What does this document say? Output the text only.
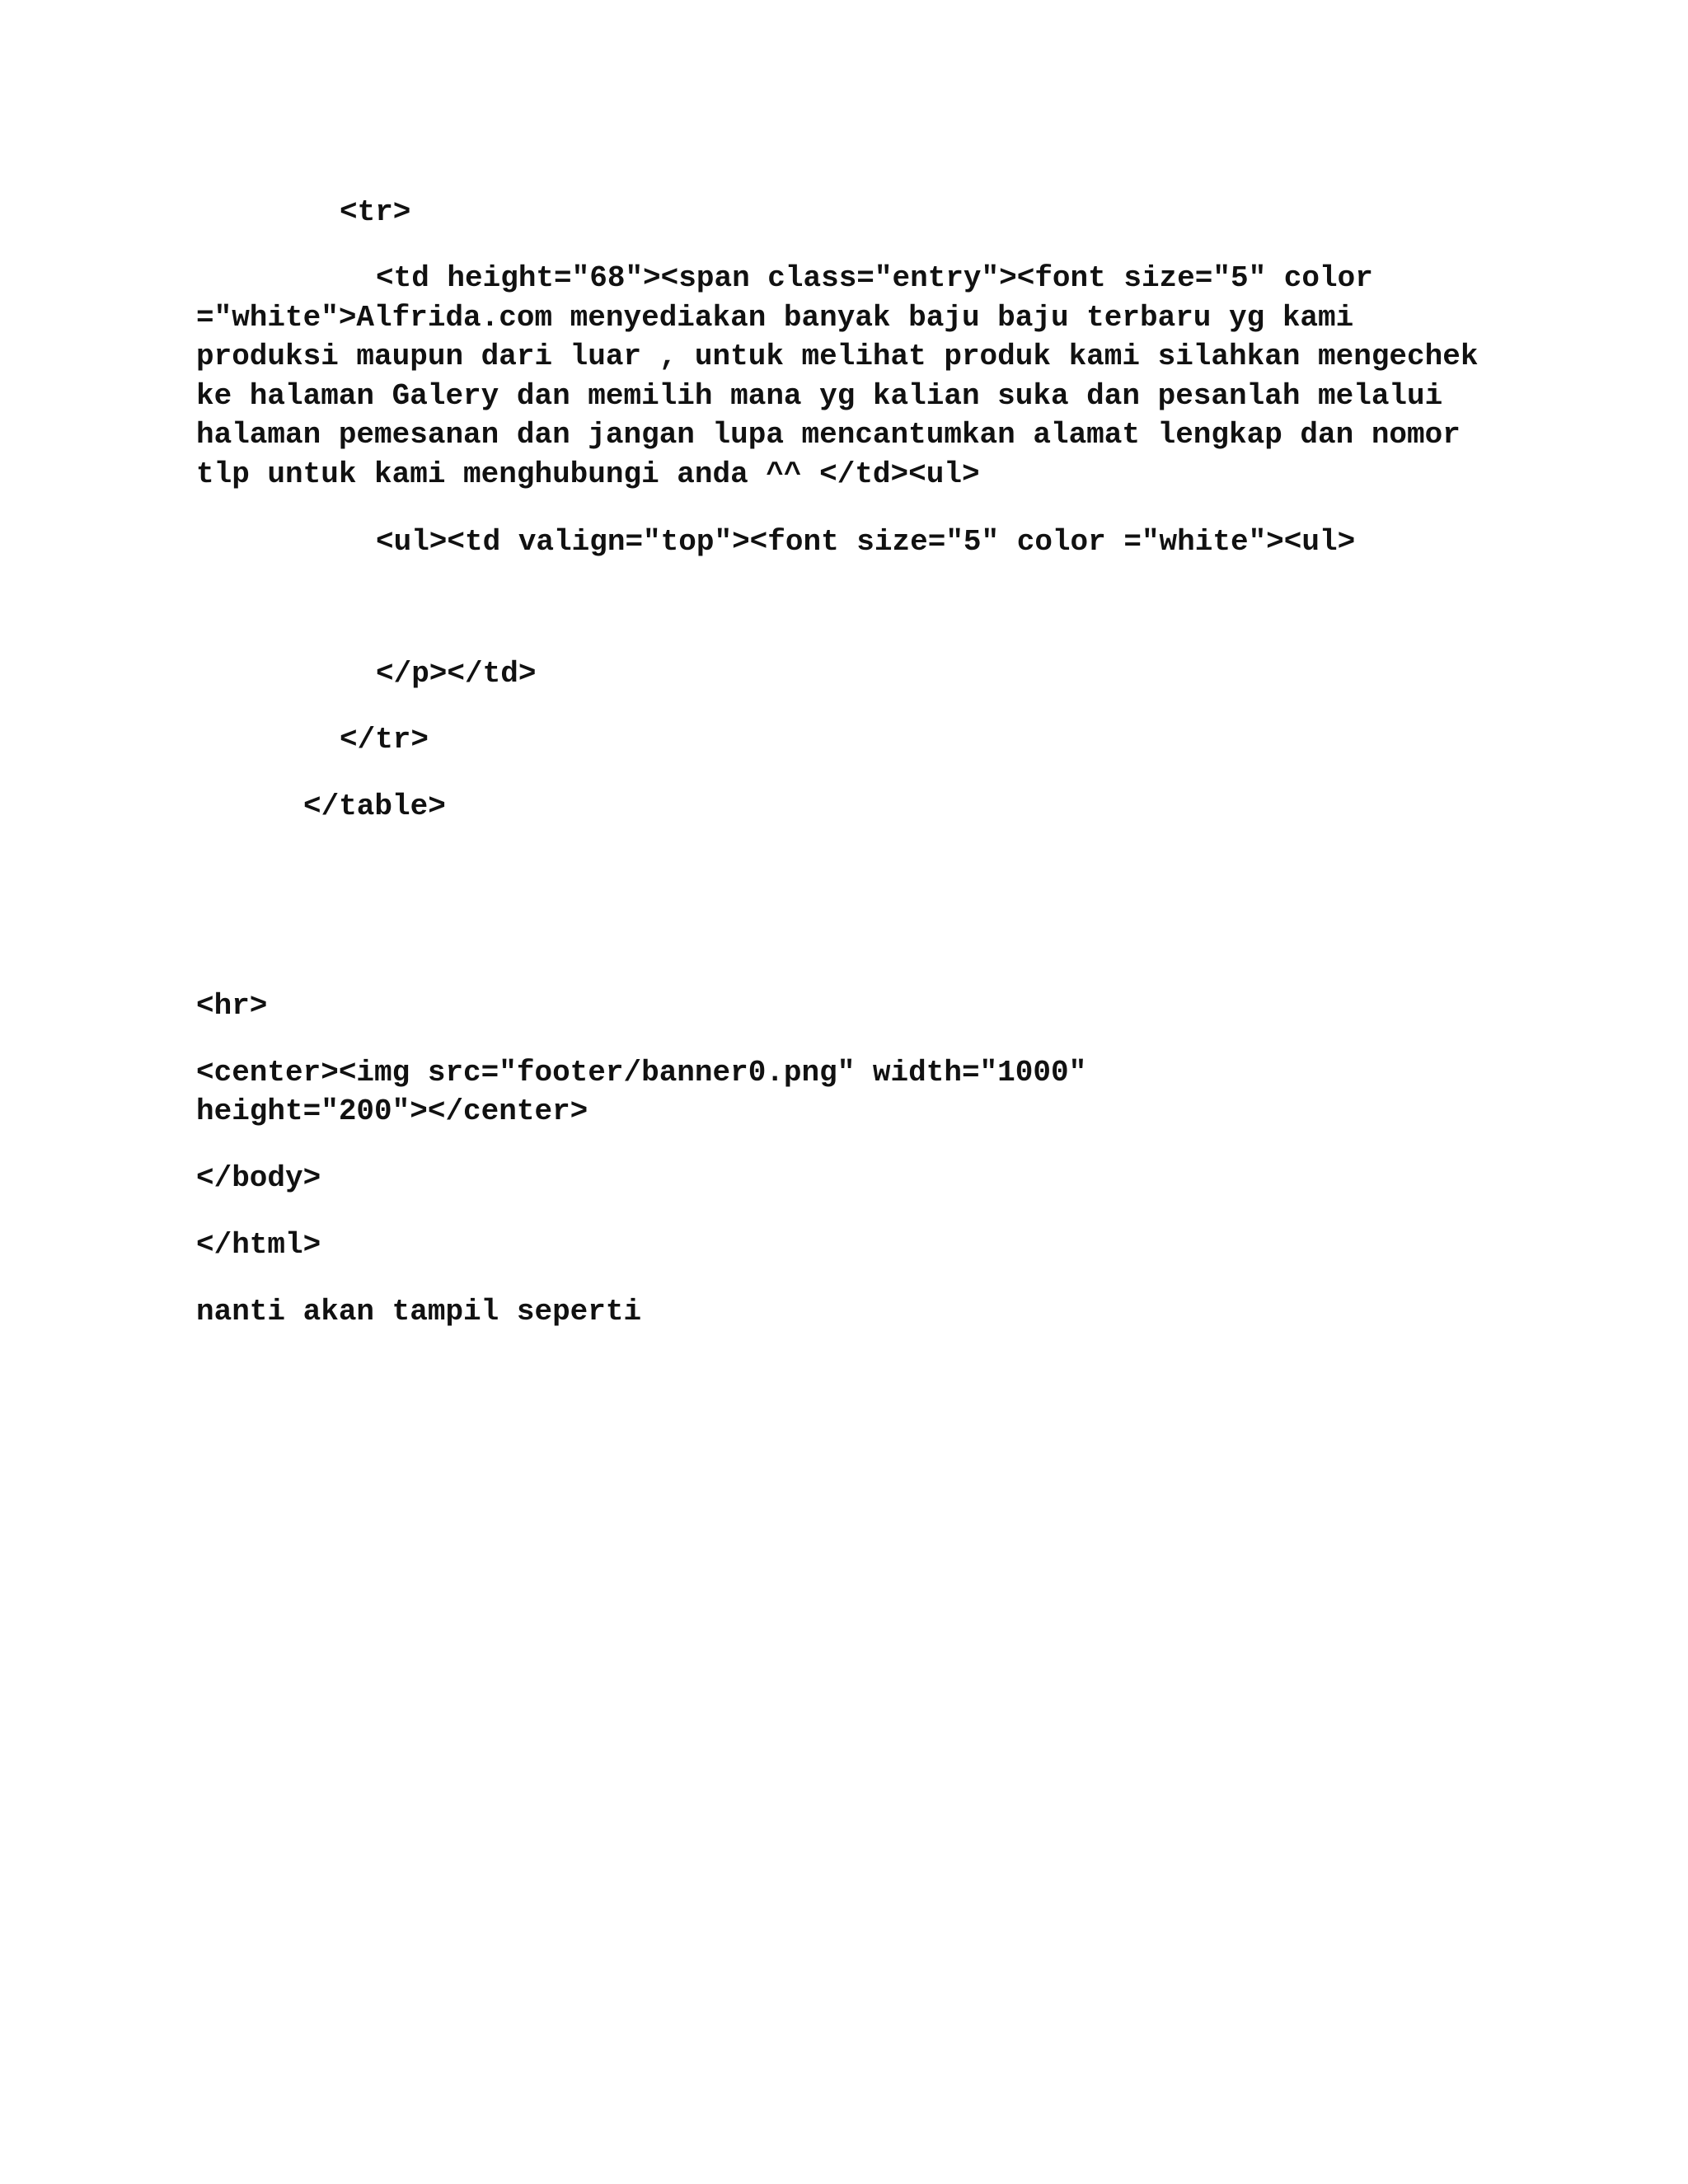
<tr>

<td height="68"><span class="entry"><font size="5" color ="white">Alfrida.com menyediakan banyak baju baju terbaru yg kami produksi maupun dari luar , untuk melihat produk kami silahkan mengechek ke halaman Galery dan memilih mana yg kalian suka dan pesanlah melalui halaman pemesanan dan jangan lupa mencantumkan alamat lengkap dan nomor tlp untuk kami menghubungi anda ^^ </td><ul>

<ul><td valign="top"><font size="5" color ="white"><ul>
</p></td>
</tr>
</table>
<hr>
<center><img src="footer/banner0.png" width="1000" height="200"></center>
</body>
</html>
nanti akan tampil seperti
